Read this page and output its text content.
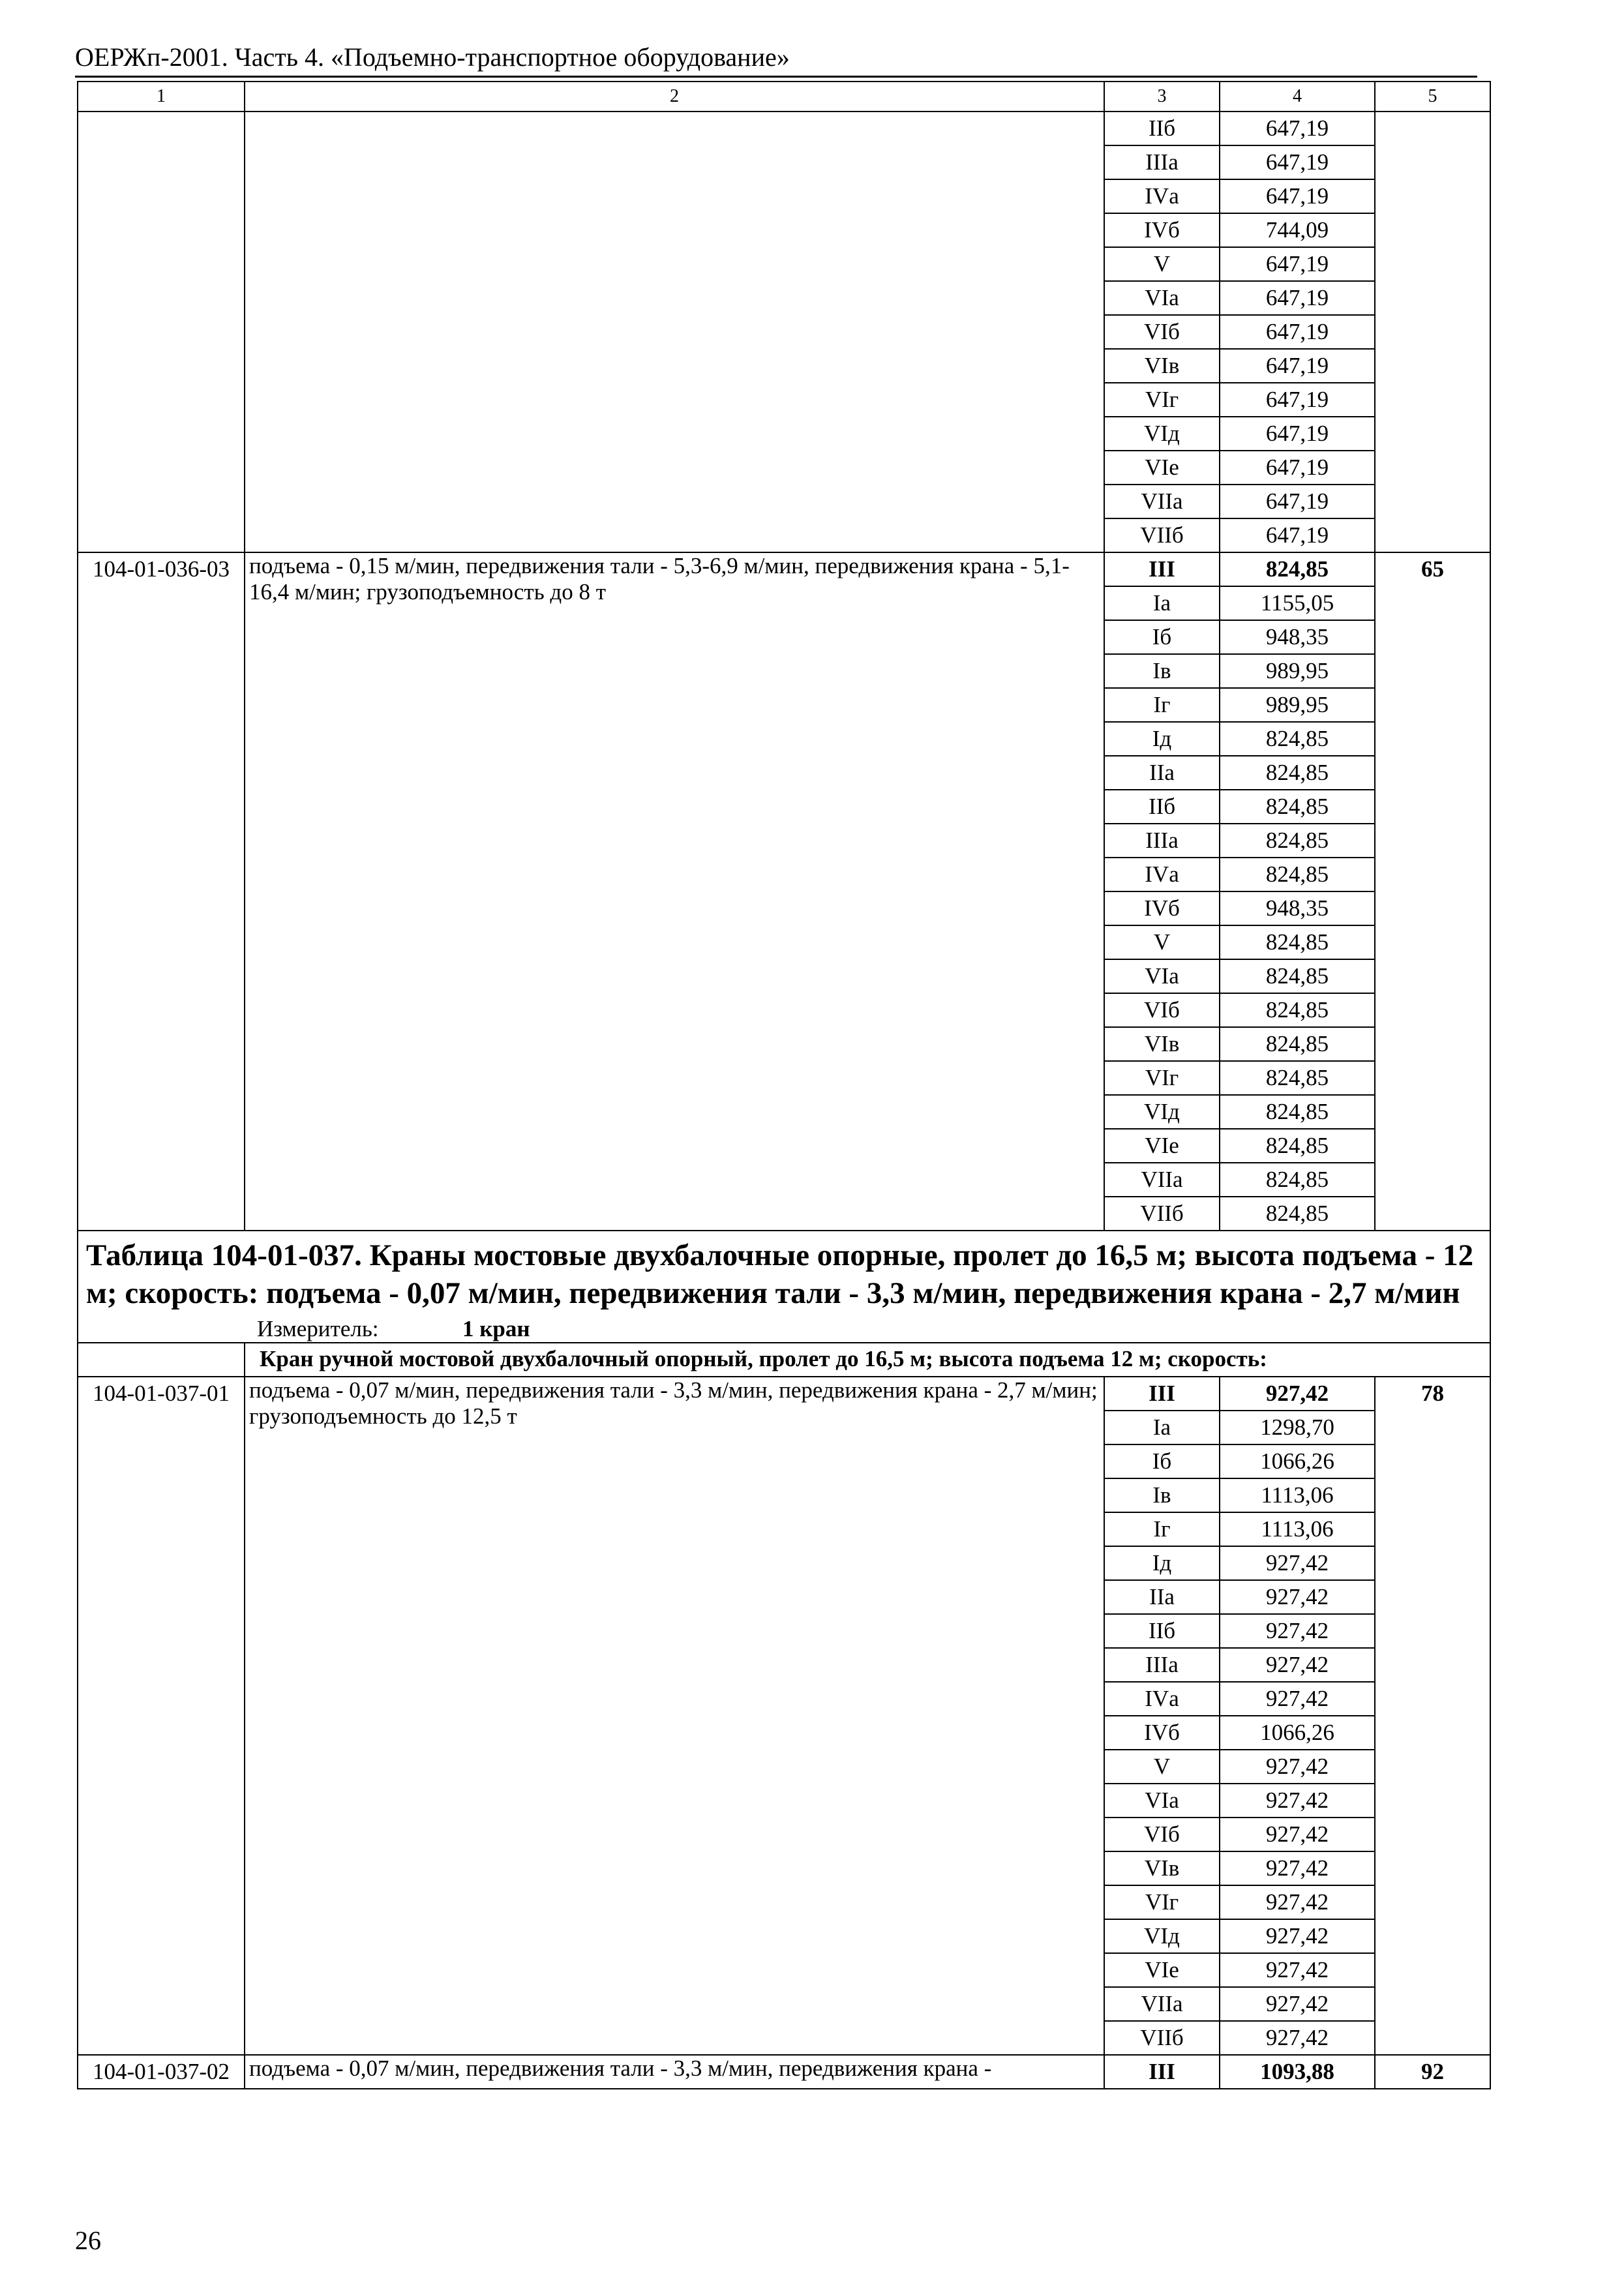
ОЕРЖп-2001. Часть 4. «Подъемно-транспортное оборудование»
1	2	3	4	5
		IIб	647,19	
		IIIа	647,19	
		IVа	647,19	
		IVб	744,09	
		V	647,19	
		VIа	647,19	
		VIб	647,19	
		VIв	647,19	
		VIг	647,19	
		VIд	647,19	
		VIе	647,19	
		VIIа	647,19	
		VIIб	647,19	
104-01-036-03	подъема - 0,15 м/мин, передвижения тали - 5,3-6,9 м/мин, передвижения крана - 5,1-16,4 м/мин; грузоподъемность до 8 т	III	824,85	65
		Iа	1155,05	
		Iб	948,35	
		Iв	989,95	
		Iг	989,95	
		Iд	824,85	
		IIа	824,85	
		IIб	824,85	
		IIIа	824,85	
		IVа	824,85	
		IVб	948,35	
		V	824,85	
		VIа	824,85	
		VIб	824,85	
		VIв	824,85	
		VIг	824,85	
		VIд	824,85	
		VIе	824,85	
		VIIа	824,85	
		VIIб	824,85	
Таблица 104-01-037. Краны мостовые двухбалочные опорные, пролет до 16,5 м; высота подъема - 12 м; скорость: подъема - 0,07 м/мин, передвижения тали - 3,3 м/мин, передвижения крана - 2,7 м/мин				
Измеритель: 1 кран				
	Кран ручной мостовой двухбалочный опорный, пролет до 16,5 м; высота подъема 12 м; скорость:			
104-01-037-01	подъема - 0,07 м/мин, передвижения тали - 3,3 м/мин, передвижения крана - 2,7 м/мин; грузоподъемность до 12,5 т	III	927,42	78
		Iа	1298,70	
		Iб	1066,26	
		Iв	1113,06	
		Iг	1113,06	
		Iд	927,42	
		IIа	927,42	
		IIб	927,42	
		IIIа	927,42	
		IVа	927,42	
		IVб	1066,26	
		V	927,42	
		VIа	927,42	
		VIб	927,42	
		VIв	927,42	
		VIг	927,42	
		VIд	927,42	
		VIе	927,42	
		VIIа	927,42	
		VIIб	927,42	
104-01-037-02	подъема - 0,07 м/мин, передвижения тали - 3,3 м/мин, передвижения крана -	III	1093,88	92
26
